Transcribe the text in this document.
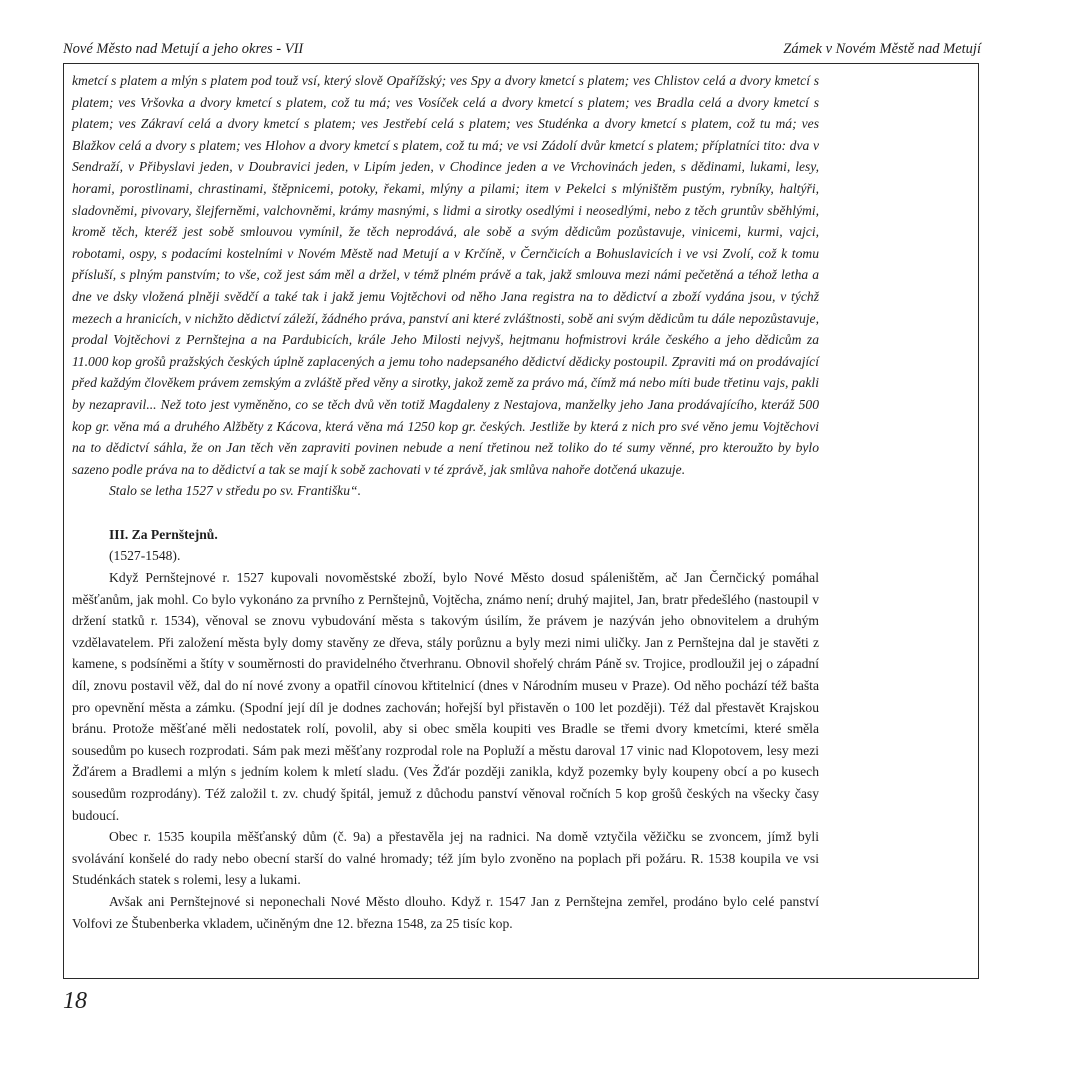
Nové Město nad Metují a jeho okres - VII	Zámek v Novém Městě nad Metují

kmetcí s platem a mlýn s platem pod touž vsí, který slově Opařížský; ves Spy a dvory kmetcí s platem; ves Chlistov celá a dvory kmetcí s platem; ves Vršovka a dvory kmetcí s platem, což tu má; ves Vosíček celá a dvory kmetcí s platem; ves Bradla celá a dvory kmetcí s platem; ves Zákraví celá a dvory kmetcí s platem; ves Jestřebí celá s platem; ves Studénka a dvory kmetcí s platem, což tu má; ves Blažkov celá a dvory s platem; ves Hlohov a dvory kmetcí s platem, což tu má; ve vsi Zádolí dvůr kmetcí s platem; příplatníci tito: dva v Sendraží, v Přibyslavi jeden, v Doubravici jeden, v Lipím jeden, v Chodince jeden a ve Vrchovinách jeden, s dědinami, lukami, lesy, horami, porostlinami, chrastinami, štěpnicemi, potoky, řekami, mlýny a pilami; item v Pekelci s mlýništěm pustým, rybníky, haltýři, sladovněmi, pivovary, šlejferněmi, valchovněmi, krámy masnými, s lidmi a sirotky osedlými i neosedlými, nebo z těch gruntův sběhlými, kromě těch, kteréž jest sobě smlouvou vymínil, že těch neprodává, ale sobě a svým dědicům pozůstavuje, vinicemi, kurmi, vajci, robotami, ospy, s podacími kostelními v Novém Městě nad Metují a v Krčíně, v Černčicích a Bohuslavicích i ve vsi Zvolí, což k tomu přísluší, s plným panstvím; to vše, což jest sám měl a držel, v témž plném právě a tak, jakž smlouva mezi námi pečetěná a téhož letha a dne ve dsky vložená plněji svědčí a také tak i jakž jemu Vojtěchovi od něho Jana registra na to dědictví a zboží vydána jsou, v týchž mezech a hranicích, v nichžto dědictví záleží, žádného práva, panství ani které zvláštnosti, sobě ani svým dědicům tu dále nepozůstavuje, prodal Vojtěchovi z Pernštejna a na Pardubicích, králе Jeho Milosti nejvyš, hejtmanu hofmistrovi krále českého a jeho dědicům za 11.000 kop grošů pražských českých úplně zaplacených a jemu toho nadepsaného dědictví dědicky postoupil. Zpraviti má on prodávající před každým člověkem právem zemským a zvláště před věny a sirotky, jakož země za právo má, čímž má nebo míti bude třetinu vajs, pakli by nezapravil... Než toto jest vyměněno, co se těch dvů věn totiž Magdaleny z Nestajova, manželky jeho Jana prodávajícího, kteráž 500 kop gr. věna má a druhého Alžběty z Kácova, která věna má 1250 kop gr. českých. Jestliže by která z nich pro své věno jemu Vojtěchovi na to dědictví sáhla, že on Jan těch věn zapraviti povinen nebude a není třetinou než toliko do té sumy věnné, pro kteroužto by bylo sazeno podle práva na to dědictví a tak se mají k sobě zachovati v té zprávě, jak smlůva nahoře dotčená ukazuje.

Stalo se letha 1527 v středu po sv. Františku“.

III. Za Pernštejnů.

(1527-1548).

Když Pernštejnové r. 1527 kupovali novoměstské zboží, bylo Nové Město dosud spáleništěm, ač Jan Černčický pomáhal měšťanům, jak mohl. Co bylo vykonáno za prvního z Pernštejnů, Vojtěcha, známo není; druhý majitel, Jan, bratr předešlého (nastoupil v držení statků r. 1534), věnoval se znovu vybudování města s takovým úsilím, že právem je nazýván jeho obnovitelem a druhým vzdělavatelem. Při založení města byly domy stavěny ze dřeva, stály porůznu a byly mezi nimi uličky. Jan z Pernštejna dal je stavěti z kamene, s podsíněmi a štíty v souměrnosti do pravidelného čtverhranu. Obnovil shořelý chrám Páně sv. Trojice, prodloužil jej o západní díl, znovu postavil věž, dal do ní nové zvony a opatřil cínovou křtitelnicí (dnes v Národním museu v Praze). Od něho pochází též bašta pro opevnění města a zámku. (Spodní její díl je dodnes zachován; hořejší byl přistavěn o 100 let později). Též dal přestavět Krajskou bránu. Protože měšťané měli nedostatek rolí, povolil, aby si obec směla koupiti ves Bradle se třemi dvory kmetcími, které směla sousedům po kusech rozprodati. Sám pak mezi měšťany rozprodal role na Popluží a městu daroval 17 vinic nad Klopotovem, lesy mezi Žďárem a Bradlemi a mlýn s jedním kolem k mletí sladu. (Ves Žďár později zanikla, když pozemky byly koupeny obcí a po kusech sousedům rozprodány). Též založil t. zv. chudý špitál, jemuž z důchodu panství věnoval ročních 5 kop grošů českých na všecky časy budoucí.

Obec r. 1535 koupila měšťanský dům (č. 9a) a přestavěla jej na radnici. Na domě vztyčila věžičku se zvoncem, jímž byli svolávání konšelé do rady nebo obecní starší do valné hromady; též jím bylo zvoněno na poplach při požáru. R. 1538 koupila ve vsi Studénkách statek s rolemi, lesy a lukami.

Avšak ani Pernštejnové si neponechali Nové Město dlouho. Když r. 1547 Jan z Pernštejna zemřel, prodáno bylo celé panství Volfovi ze Štubenberka vkladem, učiněným dne 12. března 1548, za 25 tisíc kop.

18
